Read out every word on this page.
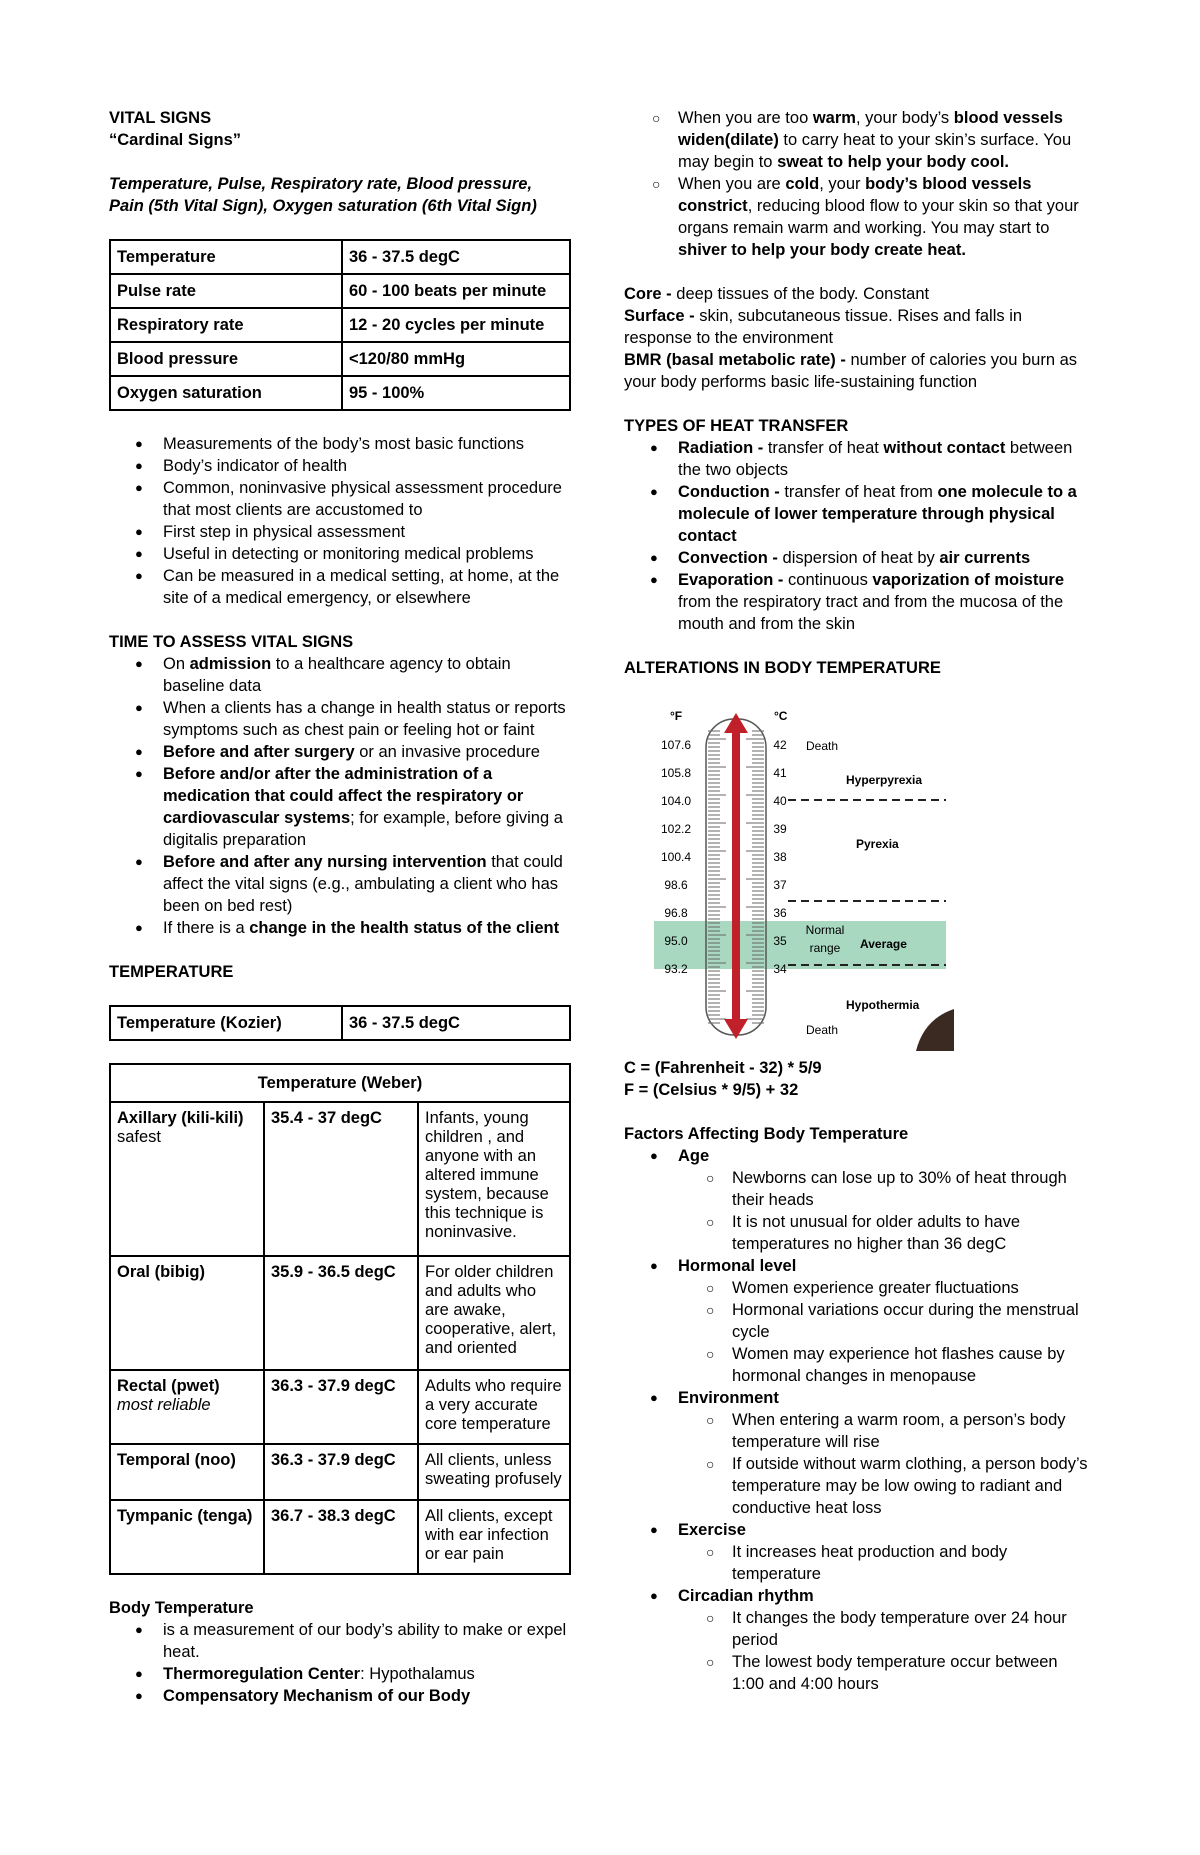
VITAL SIGNS

“Cardinal Signs”

Temperature, Pulse, Respiratory rate, Blood pressure, Pain (5th Vital Sign), Oxygen saturation (6th Vital Sign)

Temperature	36 - 37.5 degC
Pulse rate	60 - 100 beats per minute
Respiratory rate	12 - 20 cycles per minute
Blood pressure	<120/80 mmHg
Oxygen saturation	95 - 100%
● Measurements of the body’s most basic functions
● Body’s indicator of health
● Common, noninvasive physical assessment procedure that most clients are accustomed to
● First step in physical assessment
● Useful in detecting or monitoring medical problems
● Can be measured in a medical setting, at home, at the site of a medical emergency, or elsewhere

TIME TO ASSESS VITAL SIGNS

● On admission to a healthcare agency to obtain baseline data
● When a clients has a change in health status or reports symptoms such as chest pain or feeling hot or faint
● Before and after surgery or an invasive procedure
● Before and/or after the administration of a medication that could affect the respiratory or cardiovascular systems; for example, before giving a digitalis preparation
● Before and after any nursing intervention that could affect the vital signs (e.g., ambulating a client who has been on bed rest)
● If there is a change in the health status of the client

TEMPERATURE

Temperature (Kozier)	36 - 37.5 degC
Temperature (Weber)		
Axillary (kili-kili)
safest	35.4 - 37 degC	Infants, young children , and anyone with an altered immune system, because this technique is noninvasive.
Oral (bibig)	35.9 - 36.5 degC	For older children and adults who are awake, cooperative, alert, and oriented
Rectal (pwet)
most reliable	36.3 - 37.9 degC	Adults who require a very accurate core temperature
Temporal (noo)	36.3 - 37.9 degC	All clients, unless sweating profusely
Tympanic (tenga)	36.7 - 38.3 degC	All clients, except with ear infection or ear pain

Body Temperature

● is a measurement of our body’s ability to make or expel heat.
● Thermoregulation Center: Hypothalamus
● Compensatory Mechanism of our Body
○ When you are too warm, your body’s blood vessels widen(dilate) to carry heat to your skin’s surface. You may begin to sweat to help your body cool.
○ When you are cold, your body’s blood vessels constrict, reducing blood flow to your skin so that your organs remain warm and working. You may start to shiver to help your body create heat.

Core - deep tissues of the body. Constant

Surface - skin, subcutaneous tissue. Rises and falls in response to the environment

BMR (basal metabolic rate) - number of calories you burn as your body performs basic life-sustaining function

TYPES OF HEAT TRANSFER

● Radiation - transfer of heat without contact between the two objects
● Conduction - transfer of heat from one molecule to a molecule of lower temperature through physical contact
● Convection - dispersion of heat by air currents
● Evaporation - continuous vaporization of moisture from the respiratory tract and from the mucosa of the mouth and from the skin

ALTERATIONS IN BODY TEMPERATURE

°F	°C
107.6
105.8
104.0
102.2
100.4
98.6
96.8
95.0
93.2
42
41
40
39
38
37
36
35
34
Death
Hyperpyrexia
Pyrexia
Normal
range	Average
Hypothermia
Death

C = (Fahrenheit - 32) * 5/9

F = (Celsius * 9/5) + 32

Factors Affecting Body Temperature

● Age
○ Newborns can lose up to 30% of heat through their heads
○ It is not unusual for older adults to have temperatures no higher than 36 degC
● Hormonal level
○ Women experience greater fluctuations
○ Hormonal variations occur during the menstrual cycle
○ Women may experience hot flashes cause by hormonal changes in menopause
● Environment
○ When entering a warm room, a person’s body temperature will rise
○ If outside without warm clothing, a person body’s temperature may be low owing to radiant and conductive heat loss
● Exercise
○ It increases heat production and body temperature
● Circadian rhythm
○ It changes the body temperature over 24 hour period
○ The lowest body temperature occur between 1:00 and 4:00 hours
